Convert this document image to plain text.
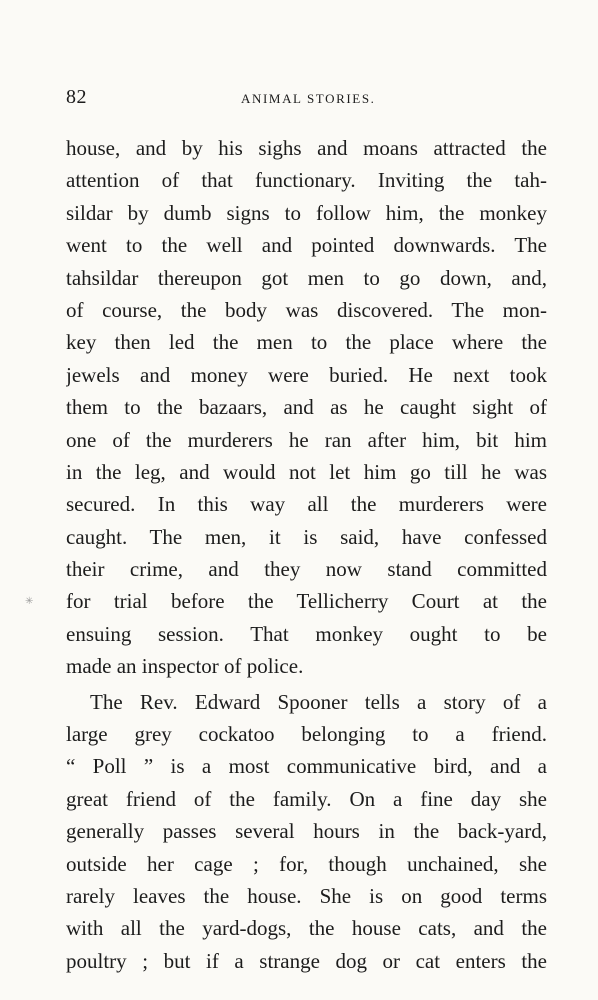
82	ANIMAL STORIES.
house, and by his sighs and moans attracted the
attention of that functionary. Inviting the tah-
sildar by dumb signs to follow him, the monkey
went to the well and pointed downwards. The
tahsildar thereupon got men to go down, and,
of course, the body was discovered. The mon-
key then led the men to the place where the
jewels and money were buried. He next took
them to the bazaars, and as he caught sight of
one of the murderers he ran after him, bit him
in the leg, and would not let him go till he was
secured. In this way all the murderers were
caught. The men, it is said, have confessed
their crime, and they now stand committed
for trial before the Tellicherry Court at the
ensuing session. That monkey ought to be
made an inspector of police.
The Rev. Edward Spooner tells a story of a
large grey cockatoo belonging to a friend.
“ Poll ” is a most communicative bird, and a
great friend of the family. On a fine day she
generally passes several hours in the back-yard,
outside her cage ; for, though unchained, she
rarely leaves the house. She is on good terms
with all the yard-dogs, the house cats, and the
poultry ; but if a strange dog or cat enters the
✳
